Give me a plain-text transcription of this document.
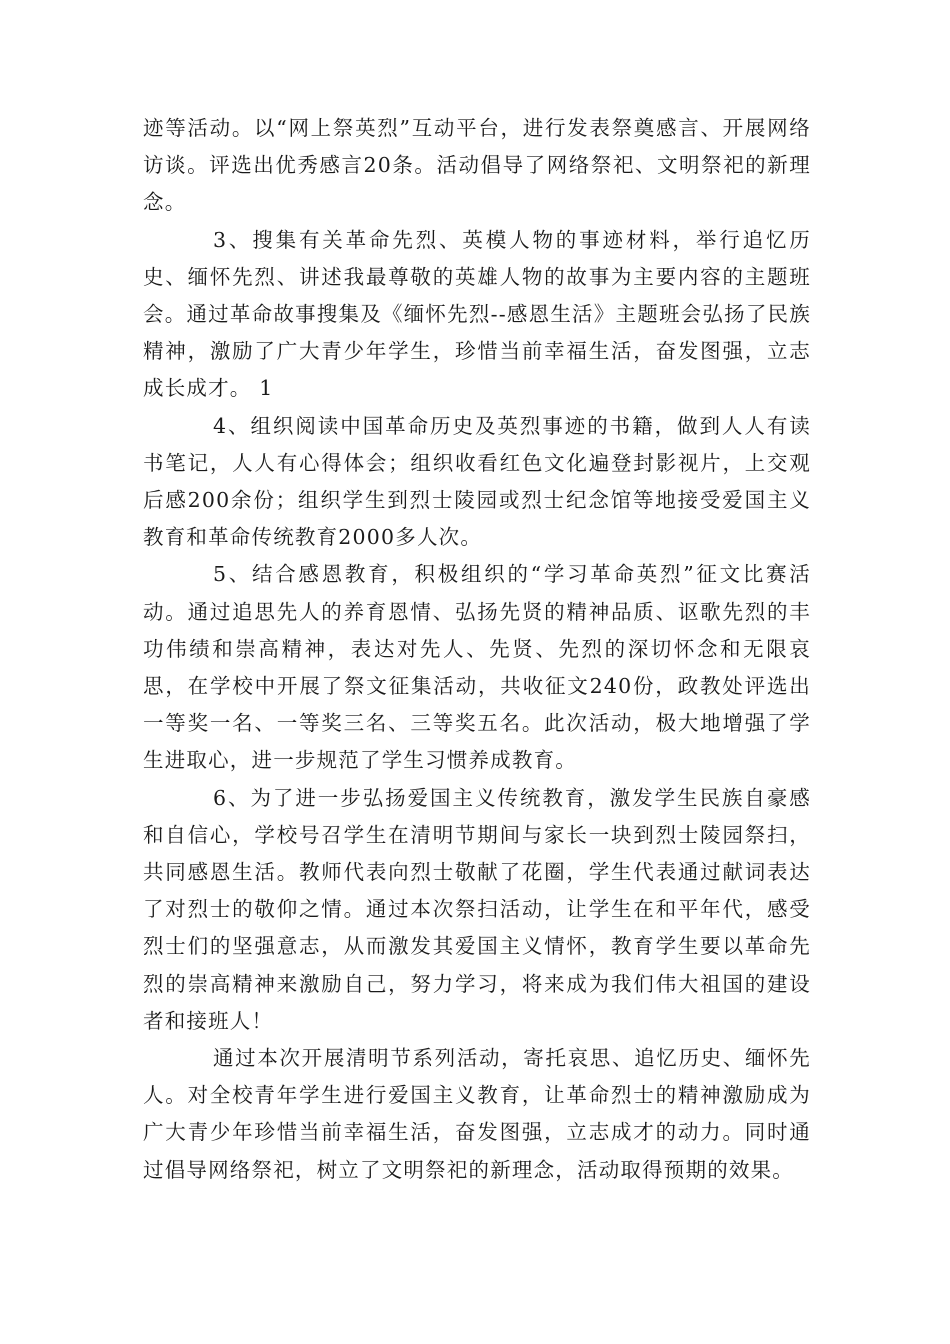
迹等活动。以“网上祭英烈”互动平台，进行发表祭奠感言、开展网络访谈。评选出优秀感言20条。活动倡导了网络祭祀、文明祭祀的新理念。

3、搜集有关革命先烈、英模人物的事迹材料，举行追忆历史、缅怀先烈、讲述我最尊敬的英雄人物的故事为主要内容的主题班会。通过革命故事搜集及《缅怀先烈--感恩生活》主题班会弘扬了民族精神，激励了广大青少年学生，珍惜当前幸福生活，奋发图强，立志成长成才。 1

4、组织阅读中国革命历史及英烈事迹的书籍，做到人人有读书笔记，人人有心得体会；组织收看红色文化遍登封影视片，上交观后感200余份；组织学生到烈士陵园或烈士纪念馆等地接受爱国主义教育和革命传统教育2000多人次。

5、结合感恩教育，积极组织的“学习革命英烈”征文比赛活动。通过追思先人的养育恩情、弘扬先贤的精神品质、讴歌先烈的丰功伟绩和崇高精神，表达对先人、先贤、先烈的深切怀念和无限哀思，在学校中开展了祭文征集活动，共收征文240份，政教处评选出一等奖一名、一等奖三名、三等奖五名。此次活动，极大地增强了学生进取心，进一步规范了学生习惯养成教育。

6、为了进一步弘扬爱国主义传统教育，激发学生民族自豪感和自信心，学校号召学生在清明节期间与家长一块到烈士陵园祭扫，共同感恩生活。教师代表向烈士敬献了花圈，学生代表通过献词表达了对烈士的敬仰之情。通过本次祭扫活动，让学生在和平年代，感受烈士们的坚强意志，从而激发其爱国主义情怀，教育学生要以革命先烈的崇高精神来激励自己，努力学习，将来成为我们伟大祖国的建设者和接班人！

通过本次开展清明节系列活动，寄托哀思、追忆历史、缅怀先人。对全校青年学生进行爱国主义教育，让革命烈士的精神激励成为广大青少年珍惜当前幸福生活，奋发图强，立志成才的动力。同时通过倡导网络祭祀，树立了文明祭祀的新理念，活动取得预期的效果。
